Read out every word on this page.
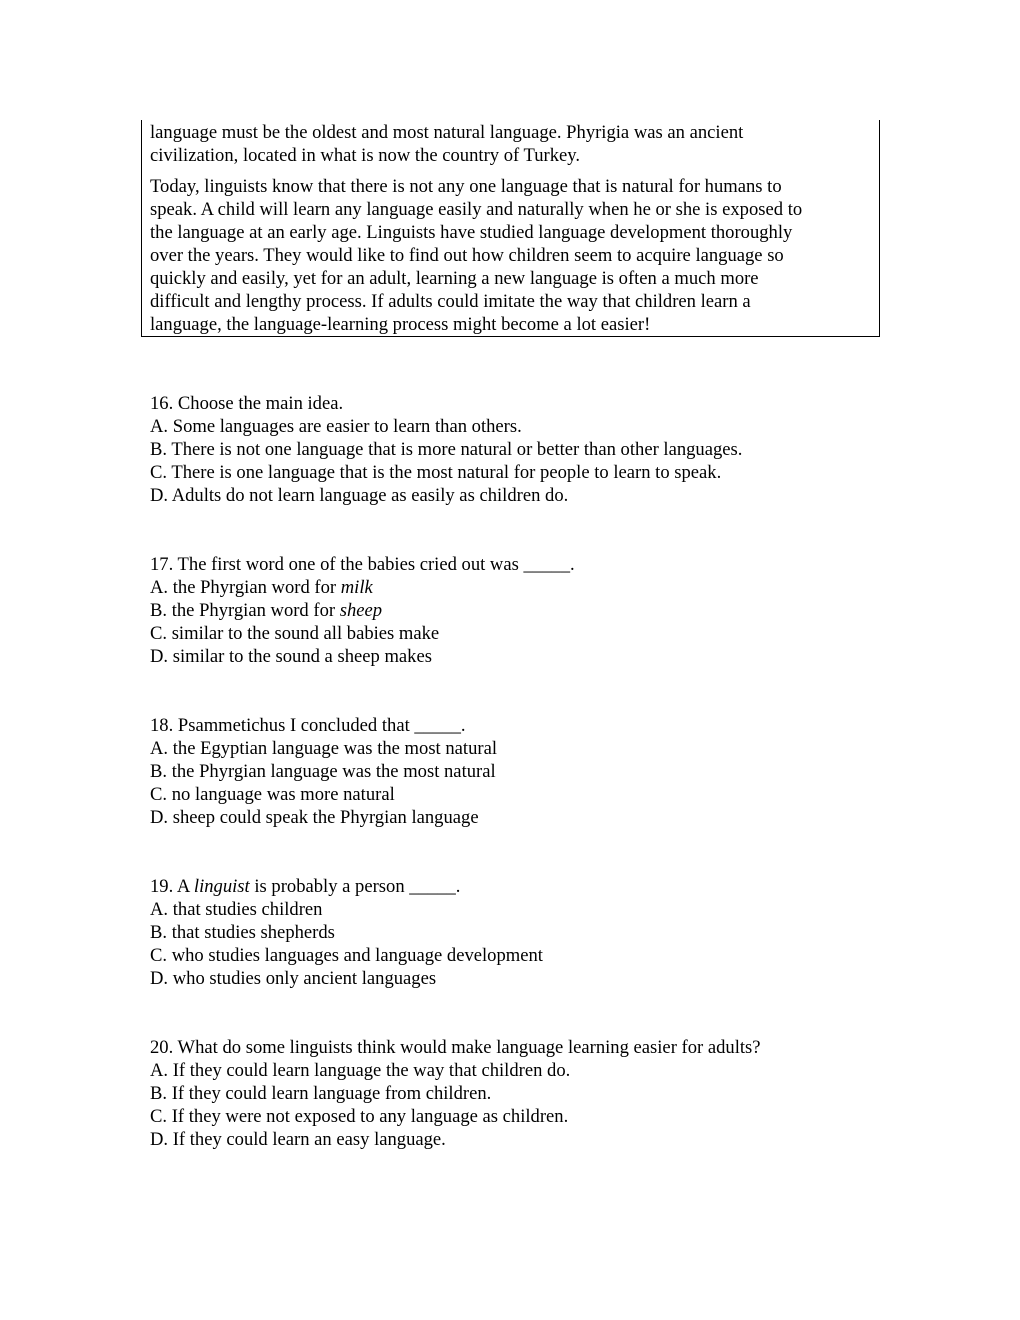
language must be the oldest and most natural language. Phyrigia was an ancient
civilization, located in what is now the country of Turkey.
Today, linguists know that there is not any one language that is natural for humans to
speak. A child will learn any language easily and naturally when he or she is exposed to
the language at an early age. Linguists have studied language development thoroughly
over the years. They would like to find out how children seem to acquire language so
quickly and easily, yet for an adult, learning a new language is often a much more
difficult and lengthy process. If adults could imitate the way that children learn a
language, the language-learning process might become a lot easier!
16. Choose the main idea.
A. Some languages are easier to learn than others.
B. There is not one language that is more natural or better than other languages.
C. There is one language that is the most natural for people to learn to speak.
D. Adults do not learn language as easily as children do.
17. The first word one of the babies cried out was _____.
A. the Phyrgian word for milk
B. the Phyrgian word for sheep
C. similar to the sound all babies make
D. similar to the sound a sheep makes
18. Psammetichus I concluded that _____.
A. the Egyptian language was the most natural
B. the Phyrgian language was the most natural
C. no language was more natural
D. sheep could speak the Phyrgian language
19. A linguist is probably a person _____.
A. that studies children
B. that studies shepherds
C. who studies languages and language development
D. who studies only ancient languages
20. What do some linguists think would make language learning easier for adults?
A. If they could learn language the way that children do.
B. If they could learn language from children.
C. If they were not exposed to any language as children.
D. If they could learn an easy language.
